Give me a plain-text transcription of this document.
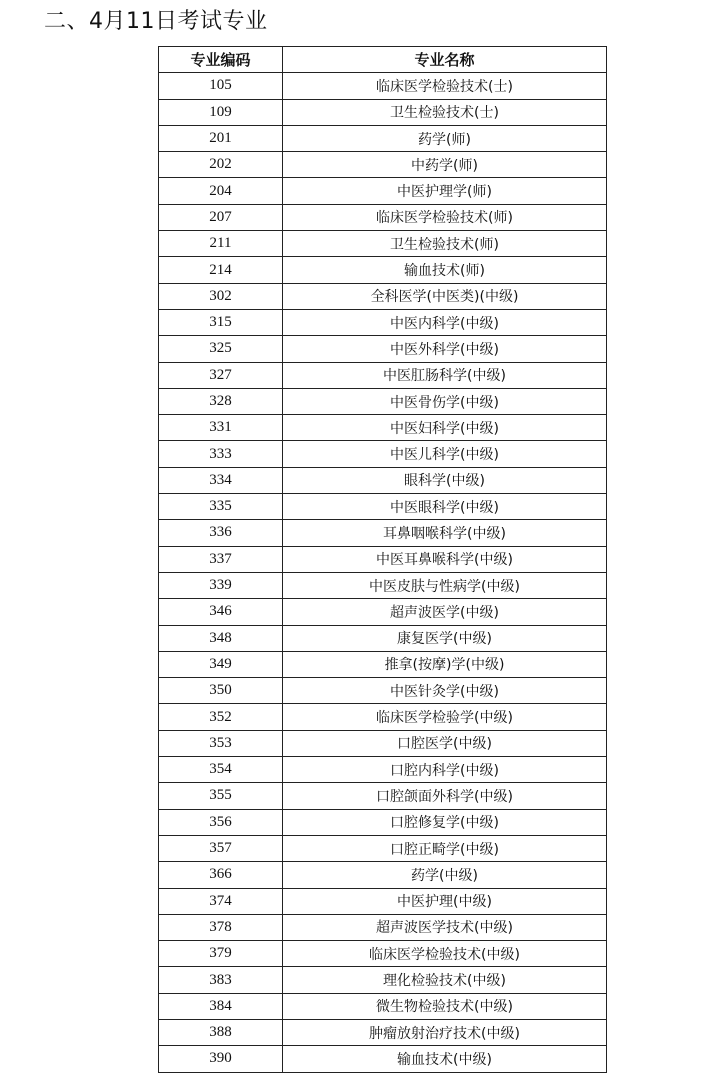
二、4月11日考试专业
专业编码	专业名称
105	临床医学检验技术(士)
109	卫生检验技术(士)
201	药学(师)
202	中药学(师)
204	中医护理学(师)
207	临床医学检验技术(师)
211	卫生检验技术(师)
214	输血技术(师)
302	全科医学(中医类)(中级)
315	中医内科学(中级)
325	中医外科学(中级)
327	中医肛肠科学(中级)
328	中医骨伤学(中级)
331	中医妇科学(中级)
333	中医儿科学(中级)
334	眼科学(中级)
335	中医眼科学(中级)
336	耳鼻咽喉科学(中级)
337	中医耳鼻喉科学(中级)
339	中医皮肤与性病学(中级)
346	超声波医学(中级)
348	康复医学(中级)
349	推拿(按摩)学(中级)
350	中医针灸学(中级)
352	临床医学检验学(中级)
353	口腔医学(中级)
354	口腔内科学(中级)
355	口腔颌面外科学(中级)
356	口腔修复学(中级)
357	口腔正畸学(中级)
366	药学(中级)
374	中医护理(中级)
378	超声波医学技术(中级)
379	临床医学检验技术(中级)
383	理化检验技术(中级)
384	微生物检验技术(中级)
388	肿瘤放射治疗技术(中级)
390	输血技术(中级)
